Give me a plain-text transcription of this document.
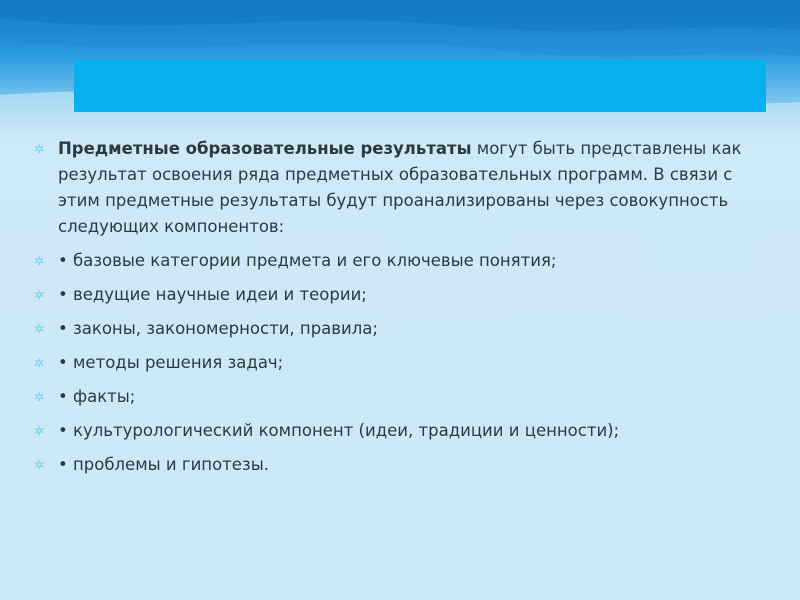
✲ Предметные образовательные результаты могут быть представлены как результат освоения ряда предметных образовательных программ. В связи с этим предметные результаты будут проанализированы через совокупность следующих компонентов:

✲ • базовые категории предмета и его ключевые понятия;

✲ • ведущие научные идеи и теории;

✲ • законы, закономерности, правила;

✲ • методы решения задач;

✲ • факты;

✲ • культурологический компонент (идеи, традиции и ценности);

✲ • проблемы и гипотезы.
